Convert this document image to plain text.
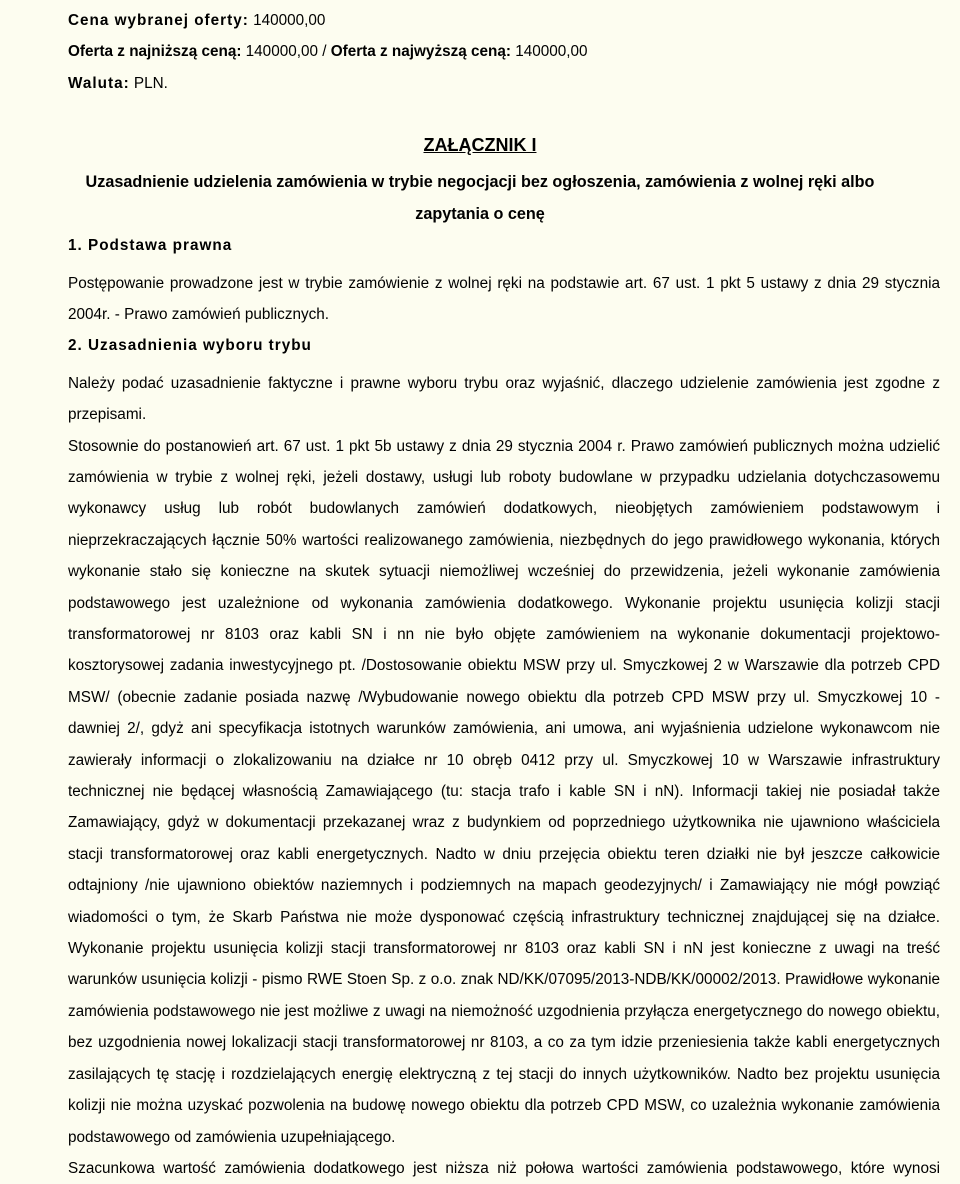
Cena wybranej oferty: 140000,00
Oferta z najniższą ceną: 140000,00 / Oferta z najwyższą ceną: 140000,00
Waluta: PLN.
ZAŁĄCZNIK I
Uzasadnienie udzielenia zamówienia w trybie negocjacji bez ogłoszenia, zamówienia z wolnej ręki albo
zapytania o cenę
1. Podstawa prawna
Postępowanie prowadzone jest w trybie zamówienie z wolnej ręki na podstawie art. 67 ust. 1 pkt 5 ustawy z dnia 29 stycznia 2004r. - Prawo zamówień publicznych.
2. Uzasadnienia wyboru trybu
Należy podać uzasadnienie faktyczne i prawne wyboru trybu oraz wyjaśnić, dlaczego udzielenie zamówienia jest zgodne z przepisami.
Stosownie do postanowień art. 67 ust. 1 pkt 5b ustawy z dnia 29 stycznia 2004 r. Prawo zamówień publicznych można udzielić zamówienia w trybie z wolnej ręki, jeżeli dostawy, usługi lub roboty budowlane w przypadku udzielania dotychczasowemu wykonawcy usług lub robót budowlanych zamówień dodatkowych, nieobjętych zamówieniem podstawowym i nieprzekraczających łącznie 50% wartości realizowanego zamówienia, niezbędnych do jego prawidłowego wykonania, których wykonanie stało się konieczne na skutek sytuacji niemożliwej wcześniej do przewidzenia, jeżeli wykonanie zamówienia podstawowego jest uzależnione od wykonania zamówienia dodatkowego. Wykonanie projektu usunięcia kolizji stacji transformatorowej nr 8103 oraz kabli SN i nn nie było objęte zamówieniem na wykonanie dokumentacji projektowo-kosztorysowej zadania inwestycyjnego pt. /Dostosowanie obiektu MSW przy ul. Smyczkowej 2 w Warszawie dla potrzeb CPD MSW/ (obecnie zadanie posiada nazwę /Wybudowanie nowego obiektu dla potrzeb CPD MSW przy ul. Smyczkowej 10 - dawniej 2/, gdyż ani specyfikacja istotnych warunków zamówienia, ani umowa, ani wyjaśnienia udzielone wykonawcom nie zawierały informacji o zlokalizowaniu na działce nr 10 obręb 0412 przy ul. Smyczkowej 10 w Warszawie infrastruktury technicznej nie będącej własnością Zamawiającego (tu: stacja trafo i kable SN i nN). Informacji takiej nie posiadał także Zamawiający, gdyż w dokumentacji przekazanej wraz z budynkiem od poprzedniego użytkownika nie ujawniono właściciela stacji transformatorowej oraz kabli energetycznych. Nadto w dniu przejęcia obiektu teren działki nie był jeszcze całkowicie odtajniony /nie ujawniono obiektów naziemnych i podziemnych na mapach geodezyjnych/ i Zamawiający nie mógł powziąć wiadomości o tym, że Skarb Państwa nie może dysponować częścią infrastruktury technicznej znajdującej się na działce. Wykonanie projektu usunięcia kolizji stacji transformatorowej nr 8103 oraz kabli SN i nN jest konieczne z uwagi na treść warunków usunięcia kolizji - pismo RWE Stoen Sp. z o.o. znak ND/KK/07095/2013-NDB/KK/00002/2013. Prawidłowe wykonanie zamówienia podstawowego nie jest możliwe z uwagi na niemożność uzgodnienia przyłącza energetycznego do nowego obiektu, bez uzgodnienia nowej lokalizacji stacji transformatorowej nr 8103, a co za tym idzie przeniesienia także kabli energetycznych zasilających tę stację i rozdzielających energię elektryczną z tej stacji do innych użytkowników. Nadto bez projektu usunięcia kolizji nie można uzyskać pozwolenia na budowę nowego obiektu dla potrzeb CPD MSW, co uzależnia wykonanie zamówienia podstawowego od zamówienia uzupełniającego.
Szacunkowa wartość zamówienia dodatkowego jest niższa niż połowa wartości zamówienia podstawowego, które wynosi
